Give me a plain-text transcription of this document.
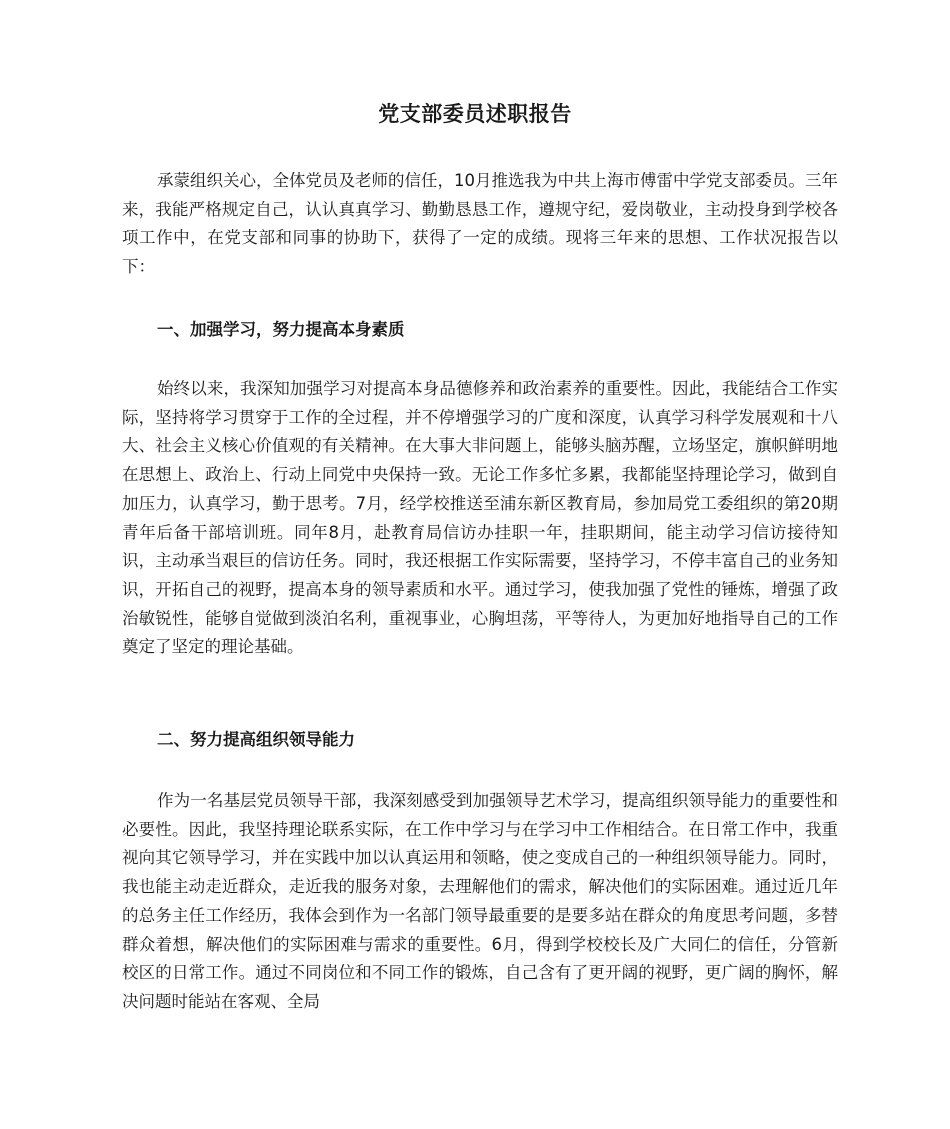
党支部委员述职报告

承蒙组织关心，全体党员及老师的信任，10月推选我为中共上海市傅雷中学党支部委员。三年来，我能严格规定自己，认认真真学习、勤勤恳恳工作，遵规守纪，爱岗敬业，主动投身到学校各项工作中，在党支部和同事的协助下，获得了一定的成绩。现将三年来的思想、工作状况报告以下：

一、加强学习，努力提高本身素质

始终以来，我深知加强学习对提高本身品德修养和政治素养的重要性。因此，我能结合工作实际，坚持将学习贯穿于工作的全过程，并不停增强学习的广度和深度，认真学习科学发展观和十八大、社会主义核心价值观的有关精神。在大事大非问题上，能够头脑苏醒，立场坚定，旗帜鲜明地在思想上、政治上、行动上同党中央保持一致。无论工作多忙多累，我都能坚持理论学习，做到自加压力，认真学习，勤于思考。7月，经学校推送至浦东新区教育局，参加局党工委组织的第20期青年后备干部培训班。同年8月，赴教育局信访办挂职一年，挂职期间，能主动学习信访接待知识，主动承当艰巨的信访任务。同时，我还根据工作实际需要，坚持学习，不停丰富自己的业务知识，开拓自己的视野，提高本身的领导素质和水平。通过学习，使我加强了党性的锤炼，增强了政治敏锐性，能够自觉做到淡泊名利，重视事业，心胸坦荡，平等待人，为更加好地指导自己的工作奠定了坚定的理论基础。

二、努力提高组织领导能力

作为一名基层党员领导干部，我深刻感受到加强领导艺术学习，提高组织领导能力的重要性和必要性。因此，我坚持理论联系实际，在工作中学习与在学习中工作相结合。在日常工作中，我重视向其它领导学习，并在实践中加以认真运用和领略，使之变成自己的一种组织领导能力。同时，我也能主动走近群众，走近我的服务对象，去理解他们的需求，解决他们的实际困难。通过近几年的总务主任工作经历，我体会到作为一名部门领导最重要的是要多站在群众的角度思考问题，多替群众着想，解决他们的实际困难与需求的重要性。6月，得到学校校长及广大同仁的信任，分管新校区的日常工作。通过不同岗位和不同工作的锻炼，自己含有了更开阔的视野，更广阔的胸怀，解决问题时能站在客观、全局
